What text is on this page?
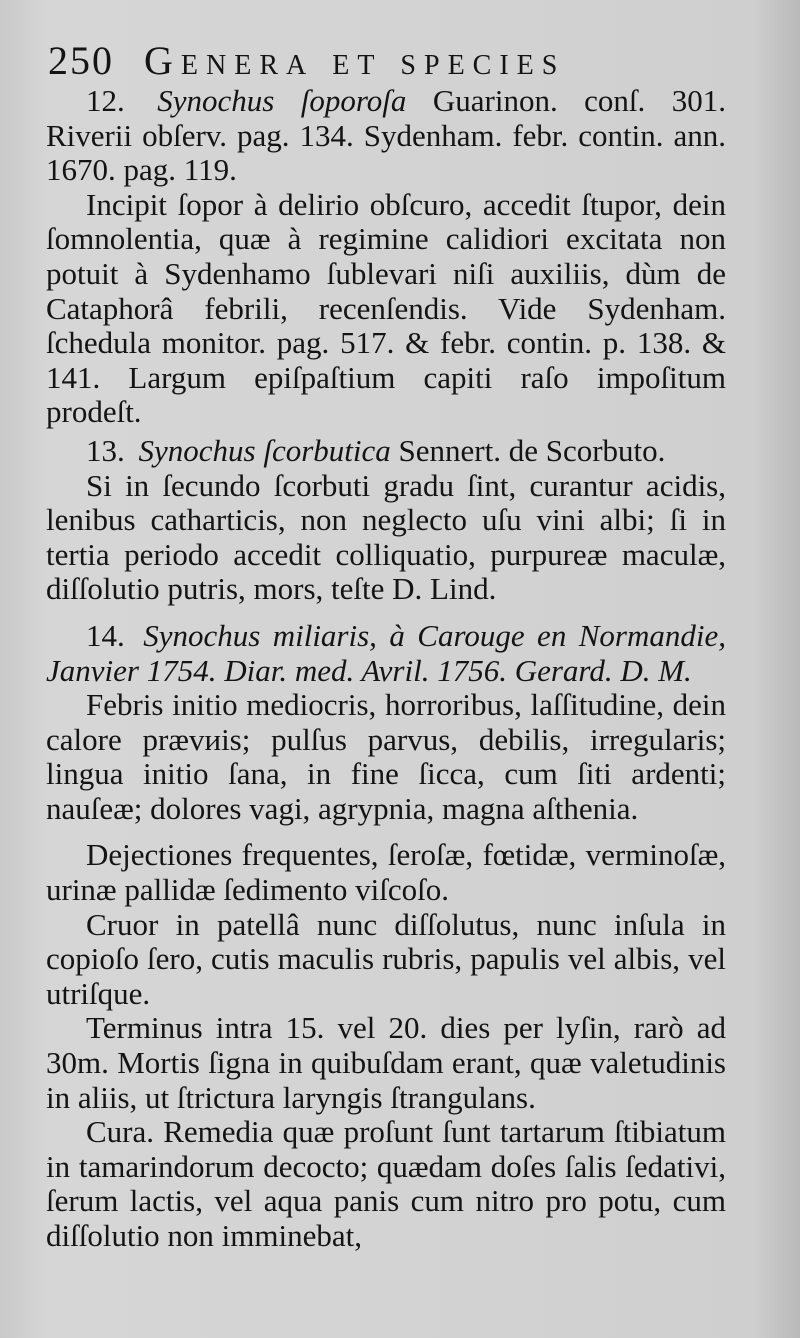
250 Genera et species

12. Synochus ſoporoſa Guarinon. conſ. 301. Riverii obſerv. pag. 134. Sydenham. febr. contin. ann. 1670. pag. 119.

Incipit ſopor à delirio obſcuro, accedit ſtupor, dein ſomnolentia, quæ à regimine calidiori excitata non potuit à Sydenhamo ſublevari niſi auxiliis, dùm de Cataphorâ febrili, recenſendis. Vide Sydenham. ſchedula monitor. pag. 517. & febr. contin. p. 138. & 141. Largum epiſpaſtium capiti raſo impoſitum prodeſt.

13. Synochus ſcorbutica Sennert. de Scorbuto.

Si in ſecundo ſcorbuti gradu ſint, curantur acidis, lenibus catharticis, non neglecto uſu vini albi; ſi in tertia periodo accedit colliquatio, purpureæ maculæ, diſſolutio putris, mors, teſte D. Lind.

14. Synochus miliaris, à Carouge en Normandie, Janvier 1754. Diar. med. Avril. 1756. Gerard. D. M.

Febris initio mediocris, horroribus, laſſitudine, dein calore prævиis; pulſus parvus, debilis, irregularis; lingua initio ſana, in fine ſicca, cum ſiti ardenti; nauſeæ; dolores vagi, agrypnia, magna aſthenia.

Dejectiones frequentes, ſeroſæ, fœtidæ, verminoſæ, urinæ pallidæ ſedimento viſcoſo.

Cruor in patellâ nunc diſſolutus, nunc inſula in copioſo ſero, cutis maculis rubris, papulis vel albis, vel utriſque.

Terminus intra 15. vel 20. dies per lyſin, rarò ad 30m. Mortis ſigna in quibuſdam erant, quæ valetudinis in aliis, ut ſtrictura laryngis ſtrangulans.

Cura. Remedia quæ proſunt ſunt tartarum ſtibiatum in tamarindorum decocto; quædam doſes ſalis ſedativi, ſerum lactis, vel aqua panis cum nitro pro potu, cum diſſolutio non imminebat,
